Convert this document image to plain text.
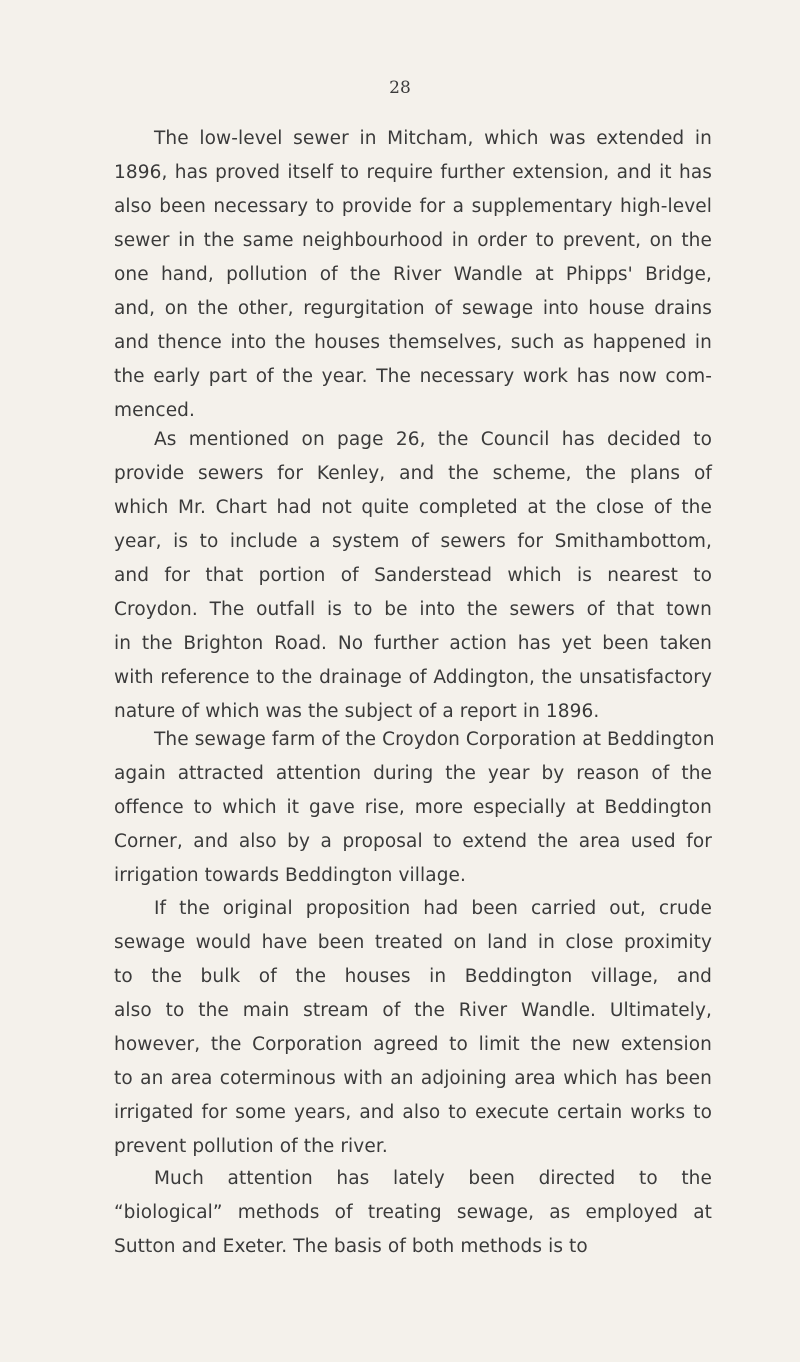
28
The low-level sewer in Mitcham, which was extended in
1896, has proved itself to require further extension, and it has
also been necessary to provide for a supplementary high-level
sewer in the same neighbourhood in order to prevent, on the
one hand, pollution of the River Wandle at Phipps' Bridge,
and, on the other, regurgitation of sewage into house drains
and thence into the houses themselves, such as happened in
the early part of the year. The necessary work has now com-
menced.
As mentioned on page 26, the Council has decided to
provide sewers for Kenley, and the scheme, the plans of
which Mr. Chart had not quite completed at the close of the
year, is to include a system of sewers for Smithambottom,
and for that portion of Sanderstead which is nearest to
Croydon. The outfall is to be into the sewers of that town
in the Brighton Road. No further action has yet been taken
with reference to the drainage of Addington, the unsatisfactory
nature of which was the subject of a report in 1896.
The sewage farm of the Croydon Corporation at Beddington
again attracted attention during the year by reason of the
offence to which it gave rise, more especially at Beddington
Corner, and also by a proposal to extend the area used for
irrigation towards Beddington village.
If the original proposition had been carried out, crude
sewage would have been treated on land in close proximity
to the bulk of the houses in Beddington village, and
also to the main stream of the River Wandle. Ultimately,
however, the Corporation agreed to limit the new extension
to an area coterminous with an adjoining area which has been
irrigated for some years, and also to execute certain works to
prevent pollution of the river.
Much attention has lately been directed to the
“biological” methods of treating sewage, as employed at
Sutton and Exeter. The basis of both methods is to
